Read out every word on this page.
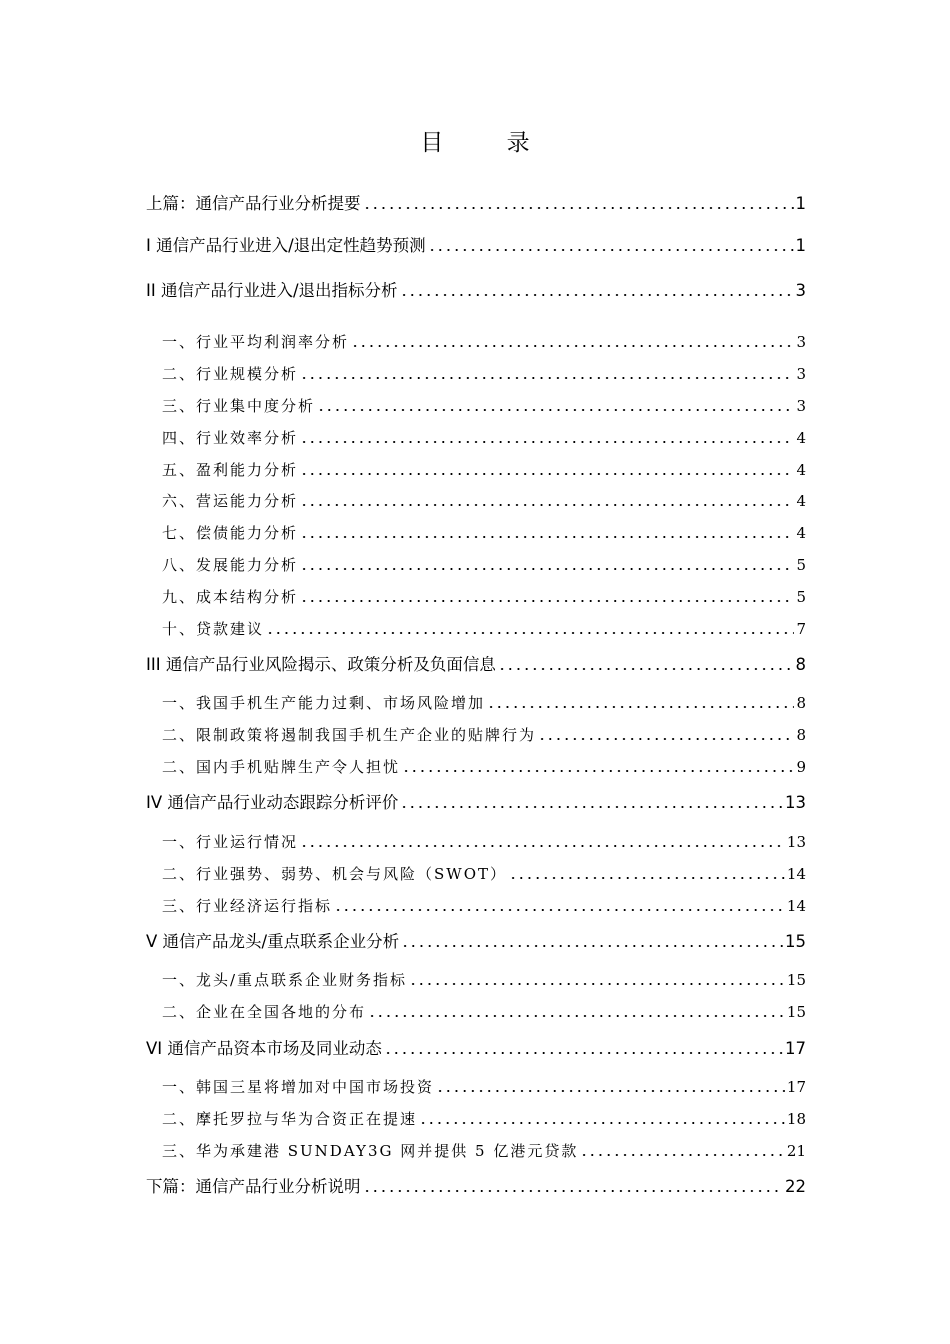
目 录
上篇：通信产品行业分析提要	1
I 通信产品行业进入/退出定性趋势预测	1
II 通信产品行业进入/退出指标分析	3
一、行业平均利润率分析	3
二、行业规模分析	3
三、行业集中度分析	3
四、行业效率分析	4
五、盈利能力分析	4
六、营运能力分析	4
七、偿债能力分析	4
八、发展能力分析	5
九、成本结构分析	5
十、贷款建议	7
III 通信产品行业风险揭示、政策分析及负面信息	8
一、我国手机生产能力过剩、市场风险增加	8
二、限制政策将遏制我国手机生产企业的贴牌行为	8
二、国内手机贴牌生产令人担忧	9
IV 通信产品行业动态跟踪分析评价	13
一、行业运行情况	13
二、行业强势、弱势、机会与风险（SWOT）	14
三、行业经济运行指标	14
V 通信产品龙头/重点联系企业分析	15
一、龙头/重点联系企业财务指标	15
二、企业在全国各地的分布	15
VI 通信产品资本市场及同业动态	17
一、韩国三星将增加对中国市场投资	17
二、摩托罗拉与华为合资正在提速	18
三、华为承建港 SUNDAY3G 网并提供 5 亿港元贷款	21
下篇：通信产品行业分析说明	22
